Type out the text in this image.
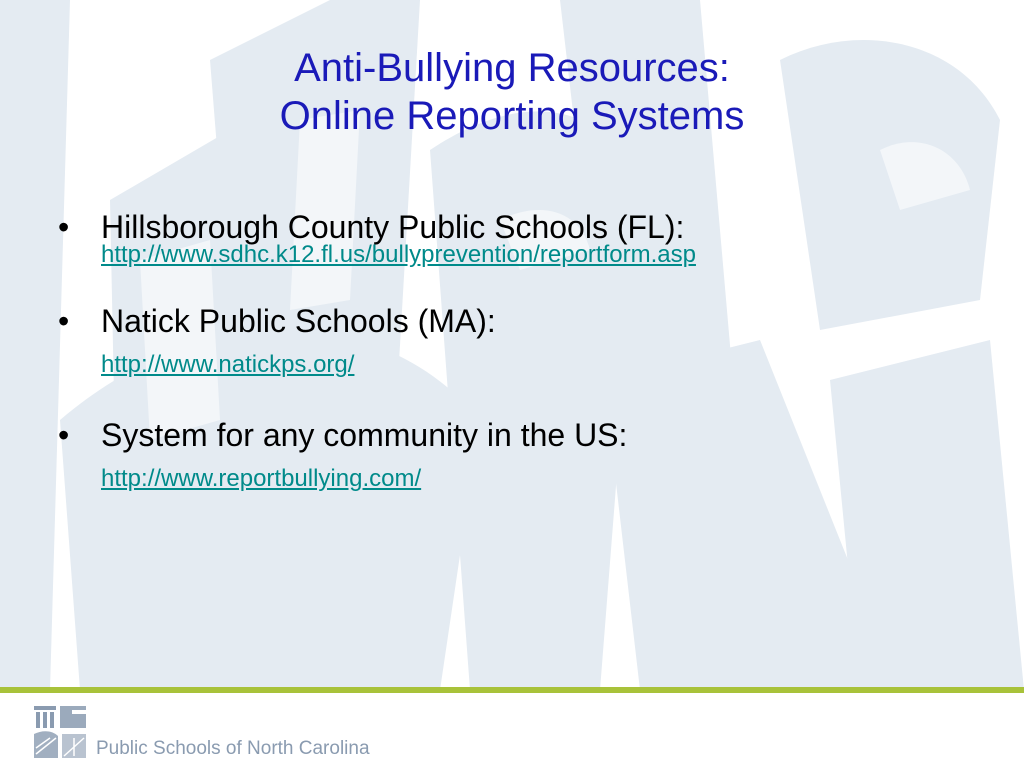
Anti-Bullying Resources:
Online Reporting Systems
• Hillsborough County Public Schools (FL):
http://www.sdhc.k12.fl.us/bullyprevention/reportform.asp
• Natick Public Schools (MA):
http://www.natickps.org/
• System for any community in the US:
http://www.reportbullying.com/
Public Schools of North Carolina
